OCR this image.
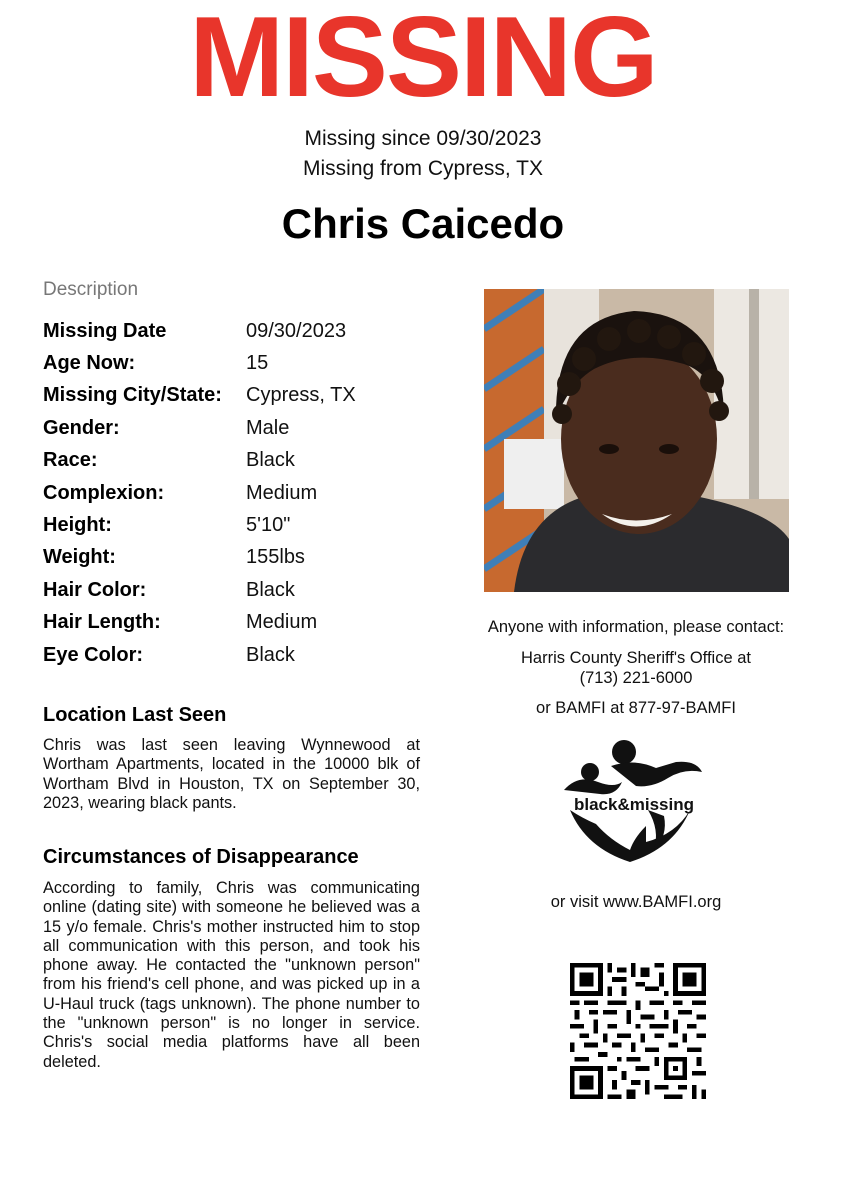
MISSING
Missing since 09/30/2023
Missing from Cypress, TX
Chris Caicedo
Description
Missing Date	09/30/2023
Age Now:	15
Missing City/State:	Cypress, TX
Gender:	Male
Race:	Black
Complexion:	Medium
Height:	5'10"
Weight:	155lbs
Hair Color:	Black
Hair Length:	Medium
Eye Color:	Black
Location Last Seen
Chris was last seen leaving Wynnewood at Wortham Apartments, located in the 10000 blk of Wortham Blvd in Houston, TX on September 30, 2023, wearing black pants.
Circumstances of Disappearance
According to family, Chris was communicating online (dating site) with someone he believed was a 15 y/o female. Chris's mother instructed him to stop all communication with this person, and took his phone away. He contacted the "unknown person" from his friend's cell phone, and was picked up in a U-Haul truck (tags unknown). The phone number to the "unknown person" is no longer in service. Chris's social media platforms have all been deleted.
Anyone with information, please contact:
Harris County Sheriff's Office at
(713) 221-6000
or BAMFI at 877-97-BAMFI
black&missing
or visit www.BAMFI.org
